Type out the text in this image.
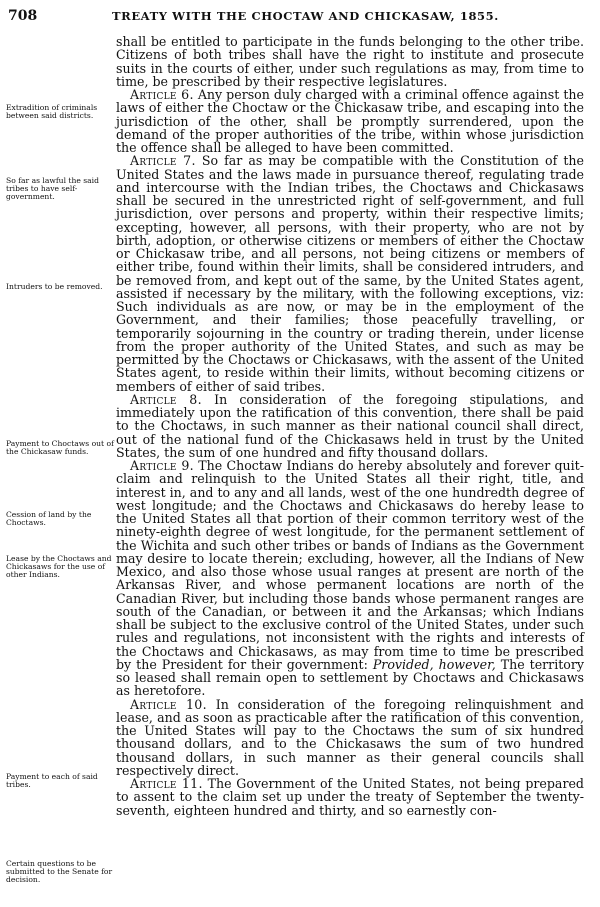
708	TREATY WITH THE CHOCTAW AND CHICKASAW, 1855.

shall be entitled to participate in the funds belonging to the other tribe. Citizens of both tribes shall have the right to institute and prosecute suits in the courts of either, under such regulations as may, from time to time, be prescribed by their respective legislatures.

Article 6. Any person duly charged with a criminal offence against the laws of either the Choctaw or the Chickasaw tribe, and escaping into the jurisdiction of the other, shall be promptly surrendered, upon the demand of the proper authorities of the tribe, within whose jurisdiction the offence shall be alleged to have been committed.

Article 7. So far as may be compatible with the Constitution of the United States and the laws made in pursuance thereof, regulating trade and intercourse with the Indian tribes, the Choctaws and Chickasaws shall be secured in the unrestricted right of self-government, and full jurisdiction, over persons and property, within their respective limits; excepting, however, all persons, with their property, who are not by birth, adoption, or otherwise citizens or members of either the Choctaw or Chickasaw tribe, and all persons, not being citizens or members of either tribe, found within their limits, shall be considered intruders, and be removed from, and kept out of the same, by the United States agent, assisted if necessary by the military, with the following exceptions, viz: Such individuals as are now, or may be in the employment of the Government, and their families; those peacefully travelling, or temporarily sojourning in the country or trading therein, under license from the proper authority of the United States, and such as may be permitted by the Choctaws or Chickasaws, with the assent of the United States agent, to reside within their limits, without becoming citizens or members of either of said tribes.

Article 8. In consideration of the foregoing stipulations, and immediately upon the ratification of this convention, there shall be paid to the Choctaws, in such manner as their national council shall direct, out of the national fund of the Chickasaws held in trust by the United States, the sum of one hundred and fifty thousand dollars.

Article 9. The Choctaw Indians do hereby absolutely and forever quit-claim and relinquish to the United States all their right, title, and interest in, and to any and all lands, west of the one hundredth degree of west longitude; and the Choctaws and Chickasaws do hereby lease to the United States all that portion of their common territory west of the ninety-eighth degree of west longitude, for the permanent settlement of the Wichita and such other tribes or bands of Indians as the Government may desire to locate therein; excluding, however, all the Indians of New Mexico, and also those whose usual ranges at present are north of the Arkansas River, and whose permanent locations are north of the Canadian River, but including those bands whose permanent ranges are south of the Canadian, or between it and the Arkansas; which Indians shall be subject to the exclusive control of the United States, under such rules and regulations, not inconsistent with the rights and interests of the Choctaws and Chickasaws, as may from time to time be prescribed by the President for their government: Provided, however, The territory so leased shall remain open to settlement by Choctaws and Chickasaws as heretofore.

Article 10. In consideration of the foregoing relinquishment and lease, and as soon as practicable after the ratification of this convention, the United States will pay to the Choctaws the sum of six hundred thousand dollars, and to the Chickasaws the sum of two hundred thousand dollars, in such manner as their general councils shall respectively direct.

Article 11. The Government of the United States, not being prepared to assent to the claim set up under the treaty of September the twenty-seventh, eighteen hundred and thirty, and so earnestly con-

Extradition of criminals between said districts.
So far as lawful the said tribes to have self-government.
Intruders to be removed.
Payment to Choctaws out of the Chickasaw funds.
Cession of land by the Choctaws.
Lease by the Choctaws and Chickasaws for the use of other Indians.
Payment to each of said tribes.
Certain questions to be submitted to the Senate for decision.
